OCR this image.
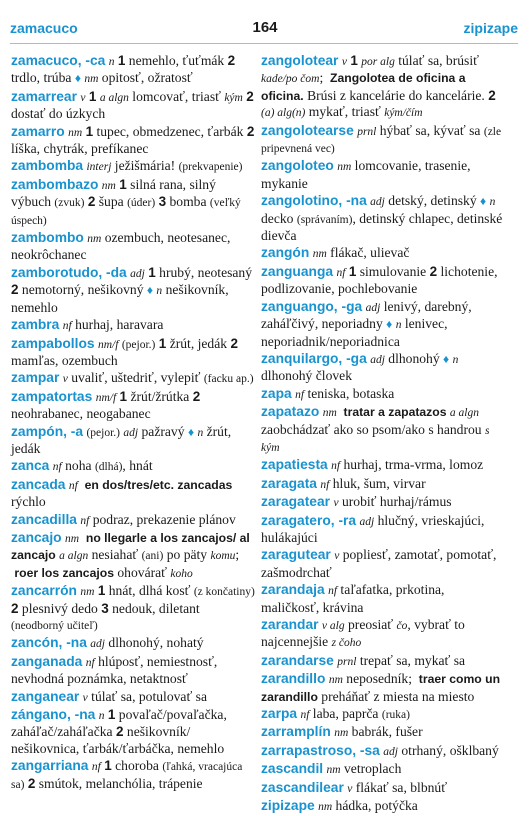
zamacuco	164	zipizape
zamacuco, -ca n 1 nemehlo, ťuťmák 2 trdlo, trúba ♦ nm opitosť, ožratosť
zamarrear v 1 a algn lomcovať, triasť kým 2 dostať do úzkych
zamarro nm 1 tupec, obmedzenec, ťarbák 2 líška, chytrák, prefíkanec
zambomba interj ježišmária! (prekvapenie)
zambombazo nm 1 silná rana, silný výbuch (zvuk) 2 šupa (úder) 3 bomba (veľký úspech)
zambombo nm ozembuch, neotesanec, neokrôchanec
zamborotudo, -da adj 1 hrubý, neotesaný 2 nemotorný, nešikovný ♦ n nešikovník, nemehlo
zambra nf hurhaj, haravara
zampabollos nm/f (pejor.) 1 žrút, jedák 2 mamľas, ozembuch
zampar v uvaliť, uštedriť, vylepiť (facku ap.)
zampatortas nm/f 1 žrút/žrútka 2 neohrabanec, neogabanec
zampón, -a (pejor.) adj pažravý ♦ n žrút, jedák
zanca nf noha (dlhá), hnát
zancada nf en dos/tres/etc. zancadas rýchlo
zancadilla nf podraz, prekazenie plánov
zancajo nm no llegarle a los zancajos/ al zancajo a algn nesiahať (ani) po päty komu;  roer los zancajos ohovárať koho
zancarrón nm 1 hnát, dlhá kosť (z končatiny) 2 plesnivý dedo 3 nedouk, diletant (neodborný učiteľ)
zancón, -na adj dlhonohý, nohatý
zanganada nf hlúposť, nemiestnosť, nevhodná poznámka, netaktnosť
zanganear v túlať sa, potulovať sa
zángano, -na n 1 povaľač/povaľačka, zaháľač/zaháľačka 2 nešikovník/ nešikovnica, ťarbák/ťarbáčka, nemehlo
zangarriana nf 1 choroba (ľahká, vracajúca sa) 2 smútok, melanchólia, trápenie
zangolotear v 1 por alg túlať sa, brúsiť kade/po čom;  Zangolotea de oficina a oficina. Brúsi z kancelárie do kancelárie. 2 (a) alg(n) mykať, triasť kým/čím
zangolotearse prnl hýbať sa, kývať sa (zle pripevnená vec)
zangoloteo nm lomcovanie, trasenie, mykanie
zangolotino, -na adj detský, detinský ♦ n decko (správaním), detinský chlapec, detinské dievča
zangón nm flákač, ulievač
zanguanga nf 1 simulovanie 2 lichotenie, podlizovanie, pochlebovanie
zanguango, -ga adj lenivý, darebný, zaháľčivý, neporiadny ♦ n lenivec, neporiadnik/neporiadnica
zanquilargo, -ga adj dlhonohý ♦ n dlhonohý človek
zapa nf teniska, botaska
zapatazo nm tratar a zapatazos a algn zaobchádzať ako so psom/ako s handrou s kým
zapatiesta nf hurhaj, trma-vrma, lomoz
zaragata nf hluk, šum, virvar
zaragatear v urobiť hurhaj/rámus
zaragatero, -ra adj hlučný, vrieskajúci, hulákajúci
zaragutear v popliesť, zamotať, pomotať, zašmodrchať
zarandaja nf taľafatka, prkotina, maličkosť, krávina
zarandar v alg preosiať čo, vybrať to najcennejšie z čoho
zarandarse prnl trepať sa, mykať sa
zarandillo nm neposedník;  traer como un zarandillo preháňať z miesta na miesto
zarpa nf laba, paprča (ruka)
zarramplín nm babrák, fušer
zarrapastroso, -sa adj otrhaný, ošklbaný
zascandil nm vetroplach
zascandilear v flákať sa, blbnúť
zipizape nm hádka, potýčka
